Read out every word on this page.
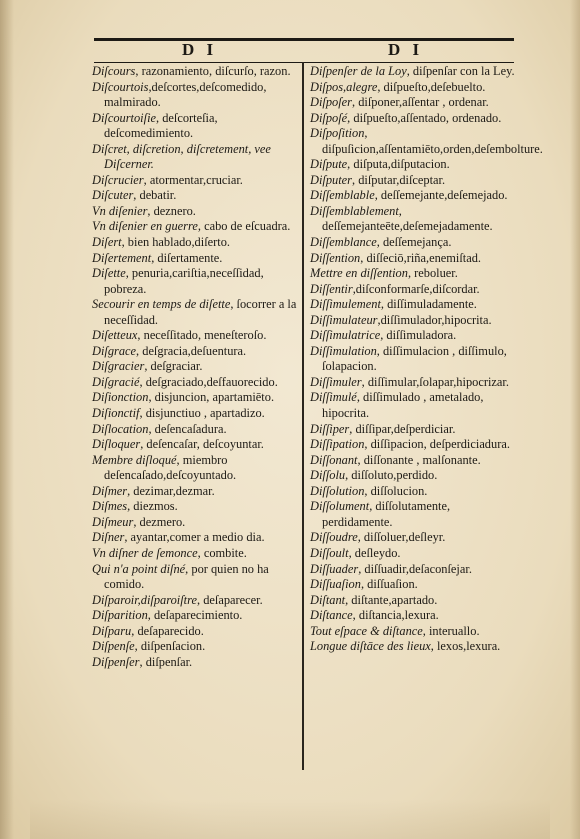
D I	D I
Diſcours, razonamiento, diſcurſo, razon.
Diſcourtois,deſcortes,deſcomedido, malmirado.
Diſcourtoiſie, deſcorteſia, deſcomedimiento.
Diſcret, diſcretion, diſcretement, vee Diſcerner.
Diſcrucier, atormentar,cruciar.
Diſcuter, debatir.
Vn diſenier, deznero.
Vn diſenier en guerre, cabo de eſcuadra.
Diſert, bien hablado,diſerto.
Diſertement, diſertamente.
Diſette, penuria,cariſtia,neceſſidad, pobreza.
Secourir en temps de diſette, ſocorrer a la neceſſidad.
Diſetteux, neceſſitado, meneſteroſo.
Diſgrace, deſgracia,deſuentura.
Diſgracier, deſgraciar.
Diſgracié, deſgraciado,deſfauorecido.
Diſionction, disjuncion, apartamiēto.
Diſionctif, disjunctiuo , apartadizo.
Diſlocation, deſencaſadura.
Diſloquer, deſencaſar, deſcoyuntar.
Membre diſloqué, miembro deſencaſado,deſcoyuntado.
Diſmer, dezimar,dezmar.
Diſmes, diezmos.
Diſmeur, dezmero.
Diſner, ayantar,comer a medio dia.
Vn diſner de ſemonce, combite.
Qui n'a point diſné, por quien no ha comido.
Diſparoir,diſparoiſtre, deſaparecer.
Diſparition, deſaparecimiento.
Diſparu, deſaparecido.
Diſpenſe, diſpenſacion.
Diſpenſer, diſpenſar.
Diſpenſer de la Loy, diſpenſar con la Ley.
Diſpos,alegre, diſpueſto,deſebuelto.
Diſpoſer, diſponer,aſſentar , ordenar.
Diſpoſé, diſpueſto,aſſentado, ordenado.
Diſpoſition, diſpuſicion,aſſentamiēto,orden,deſembolture.
Diſpute, diſputa,diſputacion.
Diſputer, diſputar,diſceptar.
Diſſemblable, deſſemejante,deſemejado.
Diſſemblablement, deſſemejanteēte,deſemejadamente.
Diſſemblance, deſſemejança.
Diſſention, diſſeciō,riña,enemiſtad.
Mettre en diſſention, reboluer.
Diſſentir,diſconformarſe,diſcordar.
Diſſimulement, diſſimuladamente.
Diſſimulateur,diſſimulador,hipocrita.
Diſſimulatrice, diſſimuladora.
Diſſimulation, diſſimulacion , diſſimulo, ſolapacion.
Diſſimuler, diſſimular,ſolapar,hipocrizar.
Diſſimulé, diſſimulado , ametalado, hipocrita.
Diſſiper, diſſipar,deſperdiciar.
Diſſipation, diſſipacion, deſperdiciadura.
Diſſonant, diſſonante , malſonante.
Diſſolu, diſſoluto,perdido.
Diſſolution, diſſolucion.
Diſſolument, diſſolutamente, perdidamente.
Diſſoudre, diſſoluer,deſleyr.
Diſſoult, deſleydo.
Diſſuader, diſſuadir,deſaconſejar.
Diſſuaſion, diſſuaſion.
Diſtant, diſtante,apartado.
Diſtance, diſtancia,lexura.
Tout eſpace & diſtance, interuallo.
Longue diſtāce des lieux, lexos,lexura.
